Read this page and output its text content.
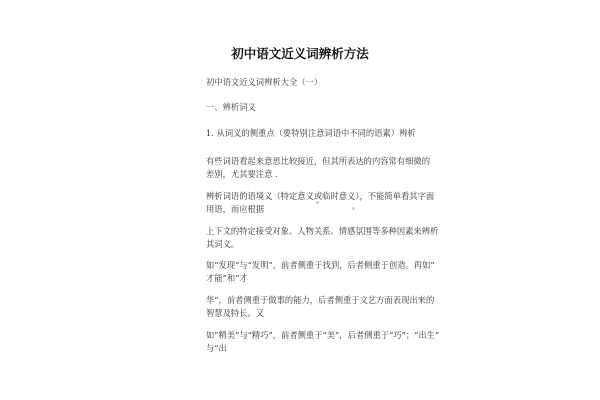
初中语文近义词辨析方法
初中语文近义词辨析大全（一）
一、辨析词义
1. 从词义的侧重点（要特别注意词语中不同的语素）辨析
有些词语看起来意思比较接近，但其所表达的内容常有细微的
差别，尤其要注意 .
辨析词语的语境义（特定意义或临时意义），不能简单看其字面
用语，而应根据
上下文的特定接受对象、人物关系、情感氛围等多种因素来辨析
其词义。
如“发现”与“发明”，前者侧重于找到，后者侧重于创造。再如“
才能”和“才
华”，前者侧重于做事的能力，后者侧重于文艺方面表现出来的
智慧及特长。又
如“精美”与“精巧”，前者侧重于“美”，后者侧重于“巧”；“出生”
与“出
